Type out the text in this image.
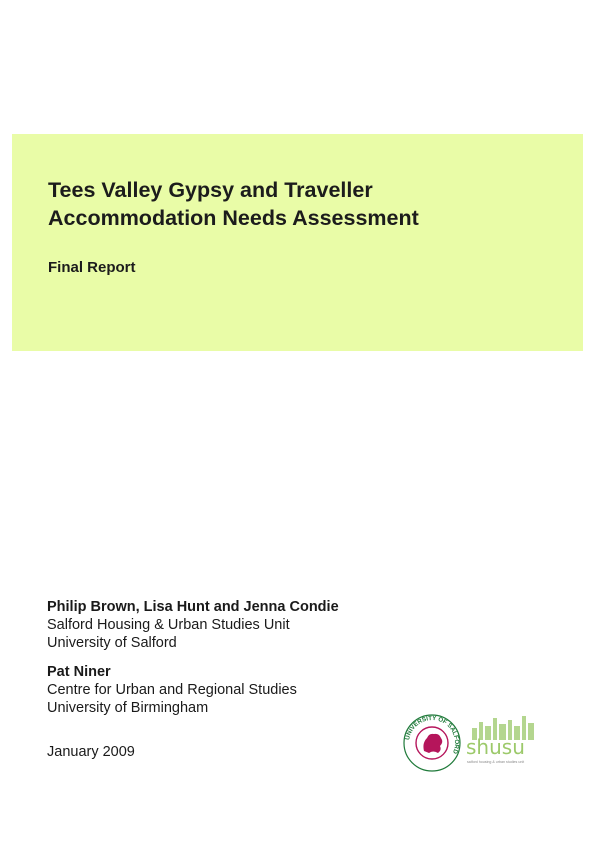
Tees Valley Gypsy and Traveller
Accommodation Needs Assessment
Final Report
Philip Brown, Lisa Hunt and Jenna Condie
Salford Housing & Urban Studies Unit
University of Salford
Pat Niner
Centre for Urban and Regional Studies
University of Birmingham
January 2009
UNIVERSITY OF SALFORD shusu
salford housing & urban studies unit
